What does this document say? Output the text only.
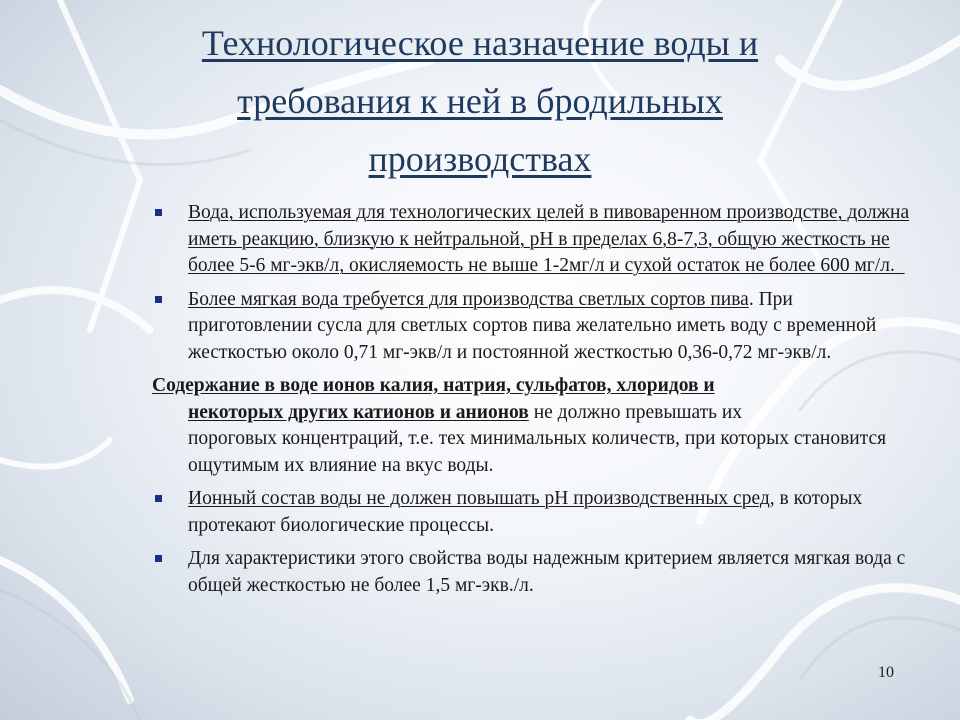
Технологическое назначение воды и
требования к ней в бродильных
производствах
Вода, используемая для технологических целей в пивоваренном производстве, должна иметь реакцию, близкую к нейтральной, рН в пределах 6,8-7,3, общую жесткость не более 5-6 мг-экв/л, окисляемость не выше 1-2мг/л и сухой остаток не более 600 мг/л.
Более мягкая вода требуется для производства светлых сортов пива. При приготовлении сусла для светлых сортов пива желательно иметь воду с временной жесткостью около 0,71 мг-экв/л и постоянной жесткостью 0,36-0,72 мг-экв/л.
Содержание в воде ионов калия, натрия, сульфатов, хлоридов и
некоторых других катионов и анионов не должно превышать их
пороговых концентраций, т.е. тех минимальных количеств, при которых становится ощутимым их влияние на вкус воды.
Ионный состав воды не должен повышать рН производственных сред, в которых протекают биологические процессы.
Для характеристики этого свойства воды надежным критерием является мягкая вода с общей жесткостью не более 1,5 мг-экв./л.
10
